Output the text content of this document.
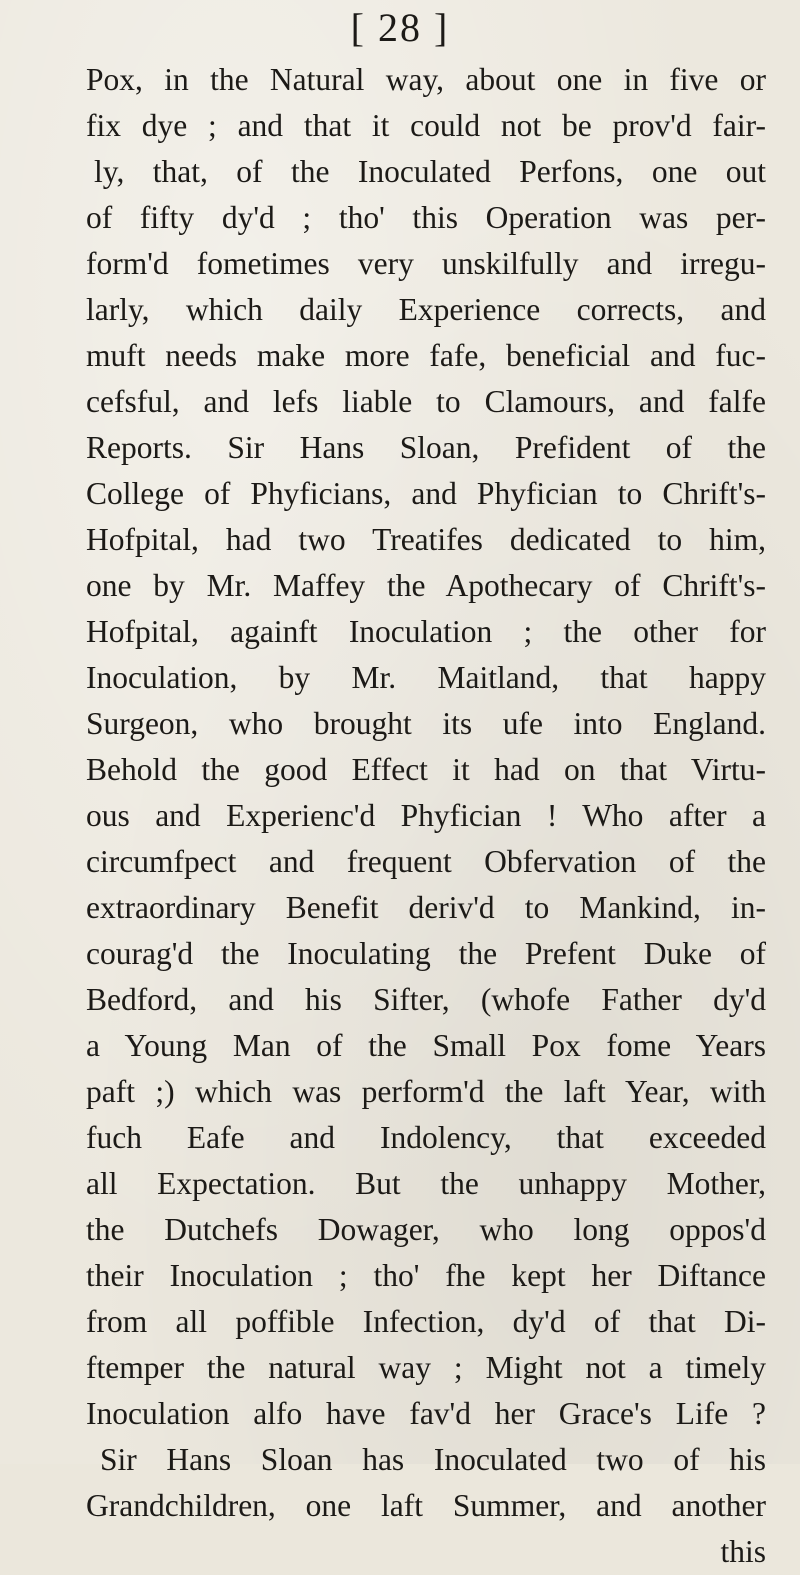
[ 28 ]
Pox, in the Natural way, about one in five or
fix dye ; and that it could not be prov'd fair-
ly, that, of the Inoculated Perfons, one out
of fifty dy'd ; tho' this Operation was per-
form'd fometimes very unskilfully and irregu-
larly, which daily Experience corrects, and
muft needs make more fafe, beneficial and fuc-
cefsful, and lefs liable to Clamours, and falfe
Reports. Sir Hans Sloan, Prefident of the
College of Phyficians, and Phyfician to Chrift's-
Hofpital, had two Treatifes dedicated to him,
one by Mr. Maffey the Apothecary of Chrift's-
Hofpital, againft Inoculation ; the other for
Inoculation, by Mr. Maitland, that happy
Surgeon, who brought its ufe into England.
Behold the good Effect it had on that Virtu-
ous and Experienc'd Phyfician ! Who after a
circumfpect and frequent Obfervation of the
extraordinary Benefit deriv'd to Mankind, in-
courag'd the Inoculating the Prefent Duke of
Bedford, and his Sifter, (whofe Father dy'd
a Young Man of the Small Pox fome Years
paft ;) which was perform'd the laft Year, with
fuch Eafe and Indolency, that exceeded
all Expectation. But the unhappy Mother,
the Dutchefs Dowager, who long oppos'd
their Inoculation ; tho' fhe kept her Diftance
from all poffible Infection, dy'd of that Di-
ftemper the natural way ; Might not a timely
Inoculation alfo have fav'd her Grace's Life ?
Sir Hans Sloan has Inoculated two of his
Grandchildren, one laft Summer, and another
this
